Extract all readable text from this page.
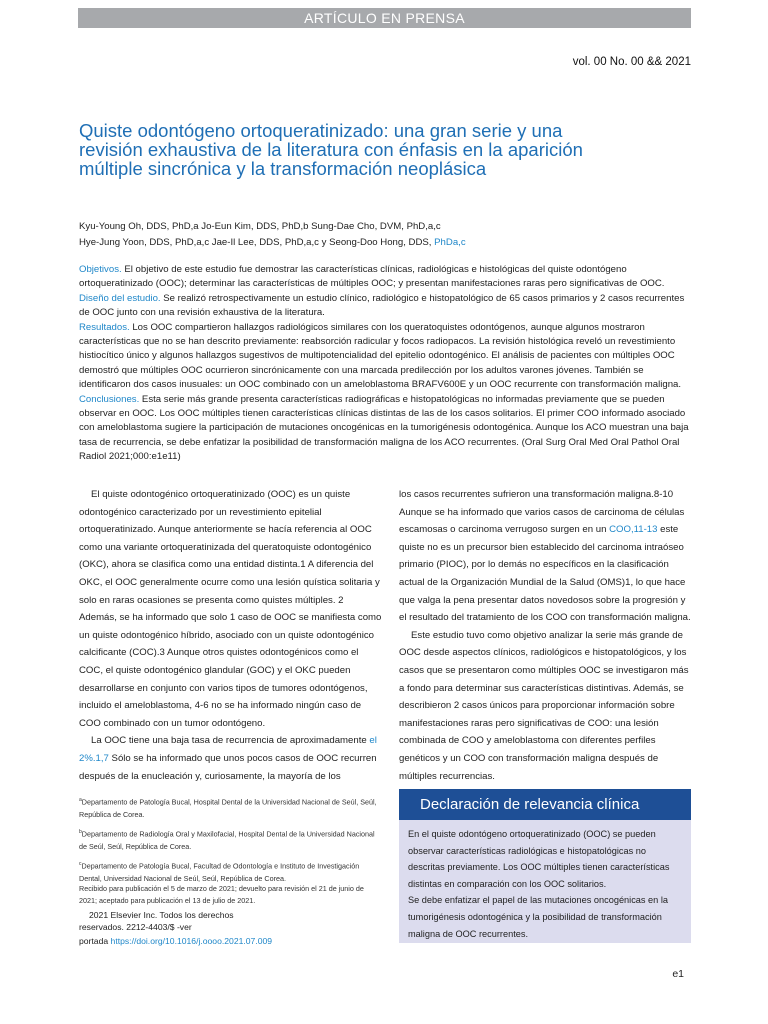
ARTÍCULO EN PRENSA
vol. 00 No. 00 && 2021
Quiste odontógeno ortoqueratinizado: una gran serie y una revisión exhaustiva de la literatura con énfasis en la aparición múltiple sincrónica y la transformación neoplásica
Kyu-Young Oh, DDS, PhD,a Jo-Eun Kim, DDS, PhD,b Sung-Dae Cho, DVM, PhD,a,c
Hye-Jung Yoon, DDS, PhD,a,c Jae-Il Lee, DDS, PhD,a,c y Seong-Doo Hong, DDS, PhDa,c

Objetivos. El objetivo de este estudio fue demostrar las características clínicas, radiológicas e histológicas del quiste odontógeno ortoqueratinizado (OOC); determinar las características de múltiples OOC; y presentan manifestaciones raras pero significativas de OOC.

Diseño del estudio. Se realizó retrospectivamente un estudio clínico, radiológico e histopatológico de 65 casos primarios y 2 casos recurrentes de OOC junto con una revisión exhaustiva de la literatura.

Resultados. Los OOC compartieron hallazgos radiológicos similares con los queratoquistes odontógenos, aunque algunos mostraron características que no se han descrito previamente: reabsorción radicular y focos radiopacos. La revisión histológica reveló un revestimiento histiocítico único y algunos hallazgos sugestivos de multipotencialidad del epitelio odontogénico. El análisis de pacientes con múltiples OOC demostró que múltiples OOC ocurrieron sincrónicamente con una marcada predilección por los adultos varones jóvenes. También se identificaron dos casos inusuales: un OOC combinado con un ameloblastoma BRAFV600E y un OOC recurrente con transformación maligna.

Conclusiones. Esta serie más grande presenta características radiográficas e histopatológicas no informadas previamente que se pueden observar en OOC. Los OOC múltiples tienen características clínicas distintas de las de los casos solitarios. El primer COO informado asociado con ameloblastoma sugiere la participación de mutaciones oncogénicas en la tumorigénesis odontogénica. Aunque los ACO muestran una baja tasa de recurrencia, se debe enfatizar la posibilidad de transformación maligna de los ACO recurrentes. (Oral Surg Oral Med Oral Pathol Oral Radiol 2021;000:e1e11)

El quiste odontogénico ortoqueratinizado (OOC) es un quiste odontogénico caracterizado por un revestimiento epitelial ortoqueratinizado. Aunque anteriormente se hacía referencia al OOC como una variante ortoqueratinizada del queratoquiste odontogénico (OKC), ahora se clasifica como una entidad distinta.1 A diferencia del OKC, el OOC generalmente ocurre como una lesión quística solitaria y solo en raras ocasiones se presenta como quistes múltiples. 2 Además, se ha informado que solo 1 caso de OOC se manifiesta como un quiste odontogénico híbrido, asociado con un quiste odontogénico calcificante (COC).3 Aunque otros quistes odontogénicos como el COC, el quiste odontogénico glandular (GOC) y el OKC pueden desarrollarse en conjunto con varios tipos de tumores odontógenos, incluido el ameloblastoma, 4-6 no se ha informado ningún caso de COO combinado con un tumor odontógeno.

La OOC tiene una baja tasa de recurrencia de aproximadamente el 2%.1,7 Sólo se ha informado que unos pocos casos de OOC recurren después de la enucleación y, curiosamente, la mayoría de los

los casos recurrentes sufrieron una transformación maligna.8-10 Aunque se ha informado que varios casos de carcinoma de células escamosas o carcinoma verrugoso surgen en un COO,11-13 este quiste no es un precursor bien establecido del carcinoma intraóseo primario (PIOC), por lo demás no específicos en la clasificación actual de la Organización Mundial de la Salud (OMS)1, lo que hace que valga la pena presentar datos novedosos sobre la progresión y el resultado del tratamiento de los COO con transformación maligna.

Este estudio tuvo como objetivo analizar la serie más grande de OOC desde aspectos clínicos, radiológicos e histopatológicos, y los casos que se presentaron como múltiples OOC se investigaron más a fondo para determinar sus características distintivas. Además, se describieron 2 casos únicos para proporcionar información sobre manifestaciones raras pero significativas de COO: una lesión combinada de COO y ameloblastoma con diferentes perfiles genéticos y un COO con transformación maligna después de múltiples recurrencias.

$^a$Departamento de Patología Bucal, Hospital Dental de la Universidad Nacional de Seúl, Seúl, República de Corea.

$^b$Departamento de Radiología Oral y Maxilofacial, Hospital Dental de la Universidad Nacional de Seúl, Seúl, República de Corea.

$^c$Departamento de Patología Bucal, Facultad de Odontología e Instituto de Investigación Dental, Universidad Nacional de Seúl, Seúl, República de Corea.

Recibido para publicación el 5 de marzo de 2021; devuelto para revisión el 21 de junio de 2021; aceptado para publicación el 13 de julio de 2021.

2021 Elsevier Inc. Todos los derechos

reservados. 2212-4403/$ -ver

portada https://doi.org/10.1016/j.oooo.2021.07.009

Declaración de relevancia clínica

En el quiste odontógeno ortoqueratinizado (OOC) se pueden observar características radiológicas e histopatológicas no descritas previamente. Los OOC múltiples tienen características distintas en comparación con los OOC solitarios.

Se debe enfatizar el papel de las mutaciones oncogénicas en la tumorigénesis odontogénica y la posibilidad de transformación maligna de OOC recurrentes.

e1
